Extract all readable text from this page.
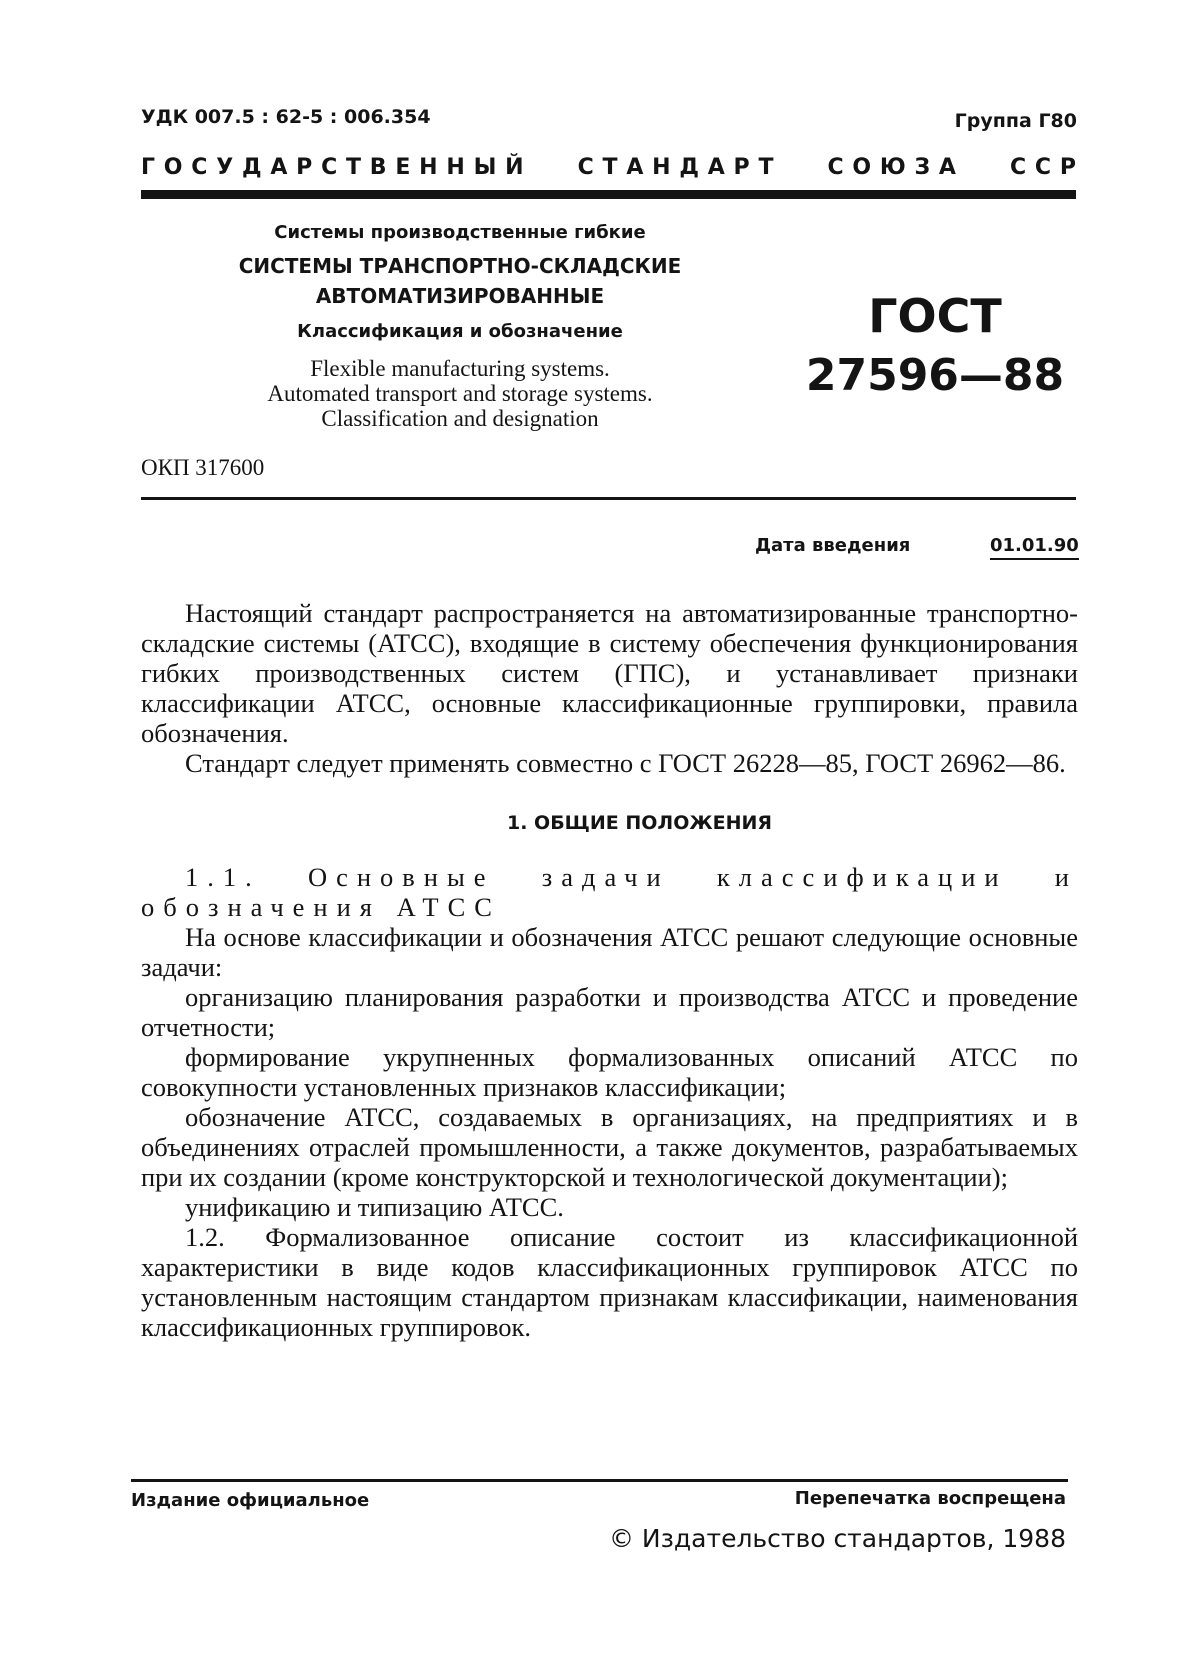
УДК 007.5 : 62-5 : 006.354	Группа Г80
Г  О  С  У  Д  А  Р  С  Т  В  Е  Н  Н  Ы  Й С  Т  А  Н  Д  А  Р  Т С  О  Ю  З  А С  С  Р
Системы производственные гибкие
СИСТЕМЫ ТРАНСПОРТНО-СКЛАДСКИЕ
АВТОМАТИЗИРОВАННЫЕ
Классификация и обозначение
Flexible manufacturing systems.
Automated transport and storage systems.
Classification and designation
ГОСТ
27596—88
ОКП 317600
Дата введения	01.01.90

Настоящий стандарт распространяется на автоматизированные транспортно-складские системы (АТСС), входящие в систему обеспечения функционирования гибких производственных систем (ГПС), и устанавливает признаки классификации АТСС, основные классификационные группировки, правила обозначения.

Стандарт следует применять совместно с ГОСТ 26228—85, ГОСТ 26962—86.

1. ОБЩИЕ ПОЛОЖЕНИЯ

1.1. Основные задачи классификации и обозначения АТСС

На основе классификации и обозначения АТСС решают следующие основные задачи:

организацию планирования разработки и производства АТСС и проведение отчетности;

формирование укрупненных формализованных описаний АТСС по совокупности установленных признаков классификации;

обозначение АТСС, создаваемых в организациях, на предприятиях и в объединениях отраслей промышленности, а также документов, разрабатываемых при их создании (кроме конструкторской и технологической документации);

унификацию и типизацию АТСС.

1.2. Формализованное описание состоит из классификационной характеристики в виде кодов классификационных группировок АТСС по установленным настоящим стандартом признакам классификации, наименования классификационных группировок.

Издание официальное	Перепечатка воспрещена
© Издательство стандартов, 1988
